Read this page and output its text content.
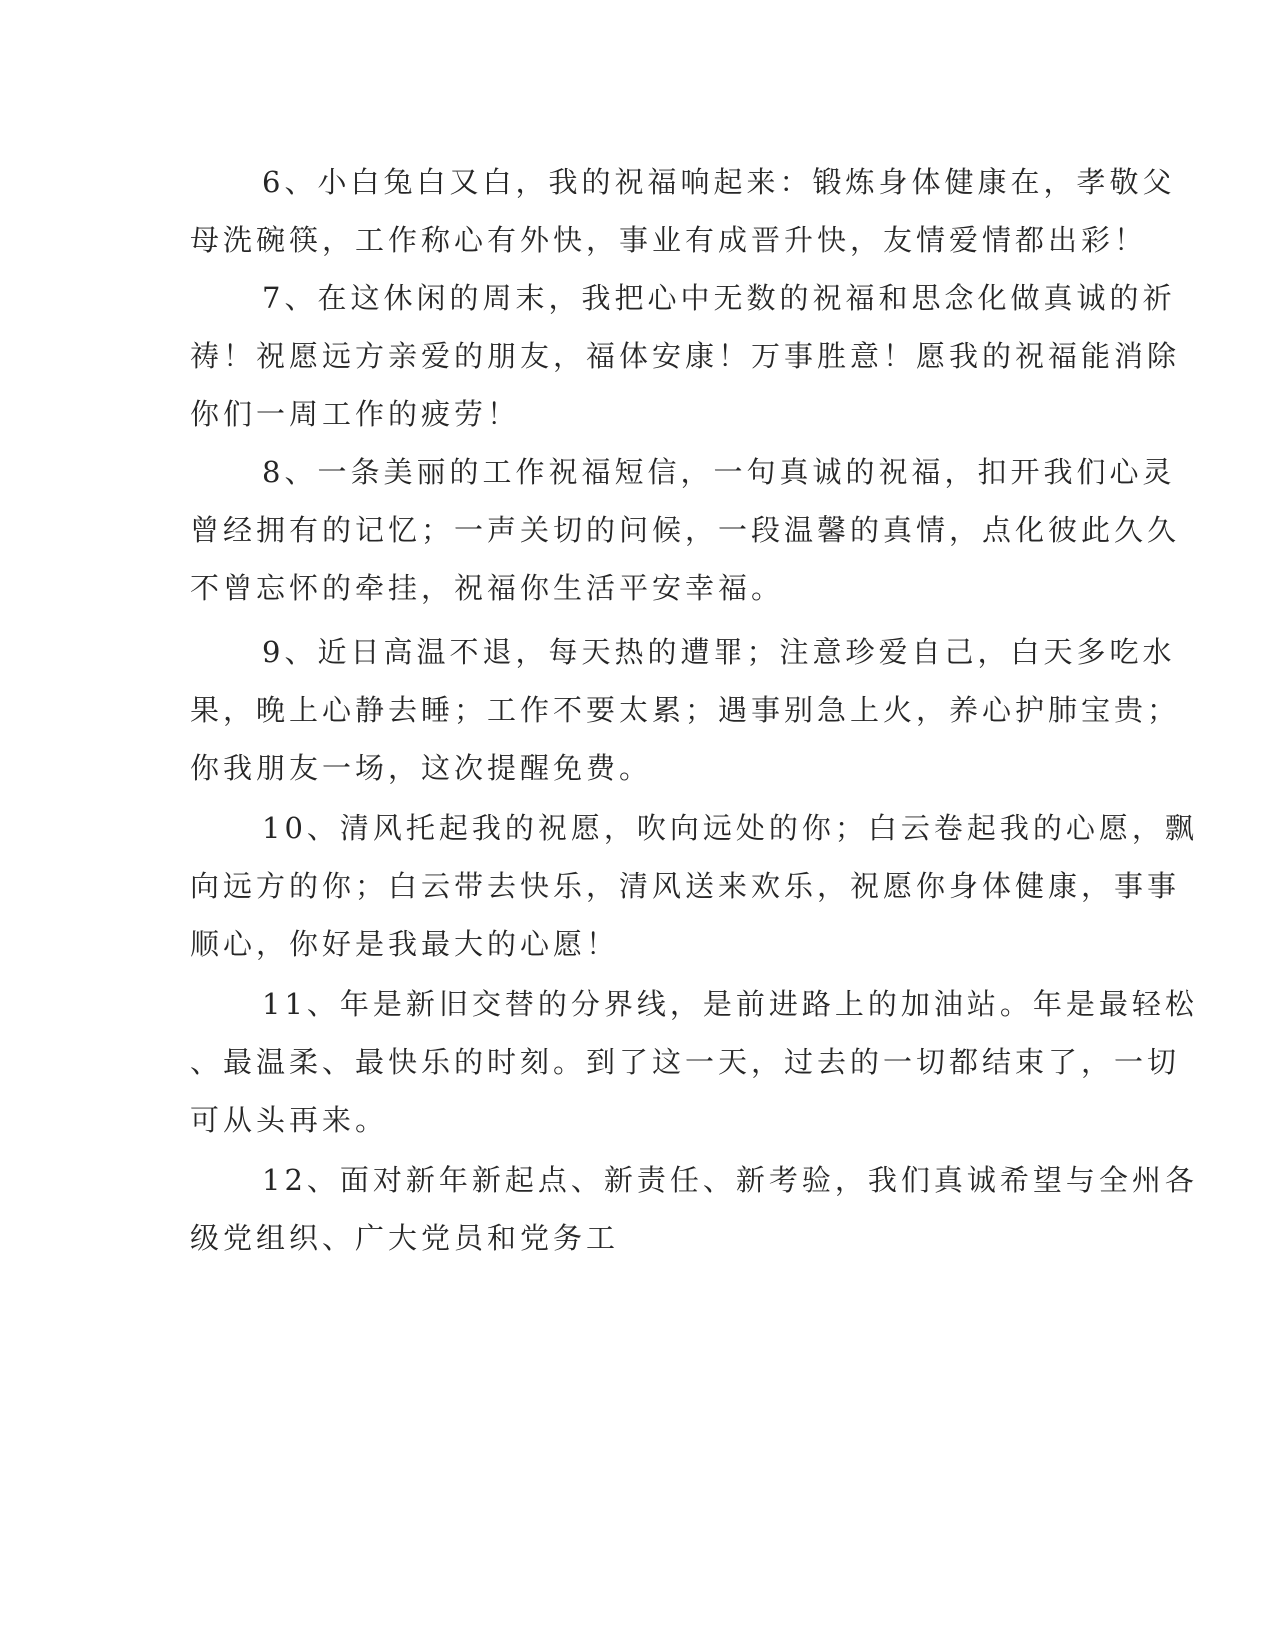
6、小白兔白又白，我的祝福响起来：锻炼身体健康在，孝敬父
母洗碗筷，工作称心有外快，事业有成晋升快，友情爱情都出彩！
7、在这休闲的周末，我把心中无数的祝福和思念化做真诚的祈
祷！祝愿远方亲爱的朋友，福体安康！万事胜意！愿我的祝福能消除
你们一周工作的疲劳！
8、一条美丽的工作祝福短信，一句真诚的祝福，扣开我们心灵
曾经拥有的记忆；一声关切的问候，一段温馨的真情，点化彼此久久
不曾忘怀的牵挂，祝福你生活平安幸福。
9、近日高温不退，每天热的遭罪；注意珍爱自己，白天多吃水
果，晚上心静去睡；工作不要太累；遇事别急上火，养心护肺宝贵；
你我朋友一场，这次提醒免费。
10、清风托起我的祝愿，吹向远处的你；白云卷起我的心愿，飘
向远方的你；白云带去快乐，清风送来欢乐，祝愿你身体健康，事事
顺心，你好是我最大的心愿！
11、年是新旧交替的分界线，是前进路上的加油站。年是最轻松
、最温柔、最快乐的时刻。到了这一天，过去的一切都结束了，一切
可从头再来。
12、面对新年新起点、新责任、新考验，我们真诚希望与全州各
级党组织、广大党员和党务工
